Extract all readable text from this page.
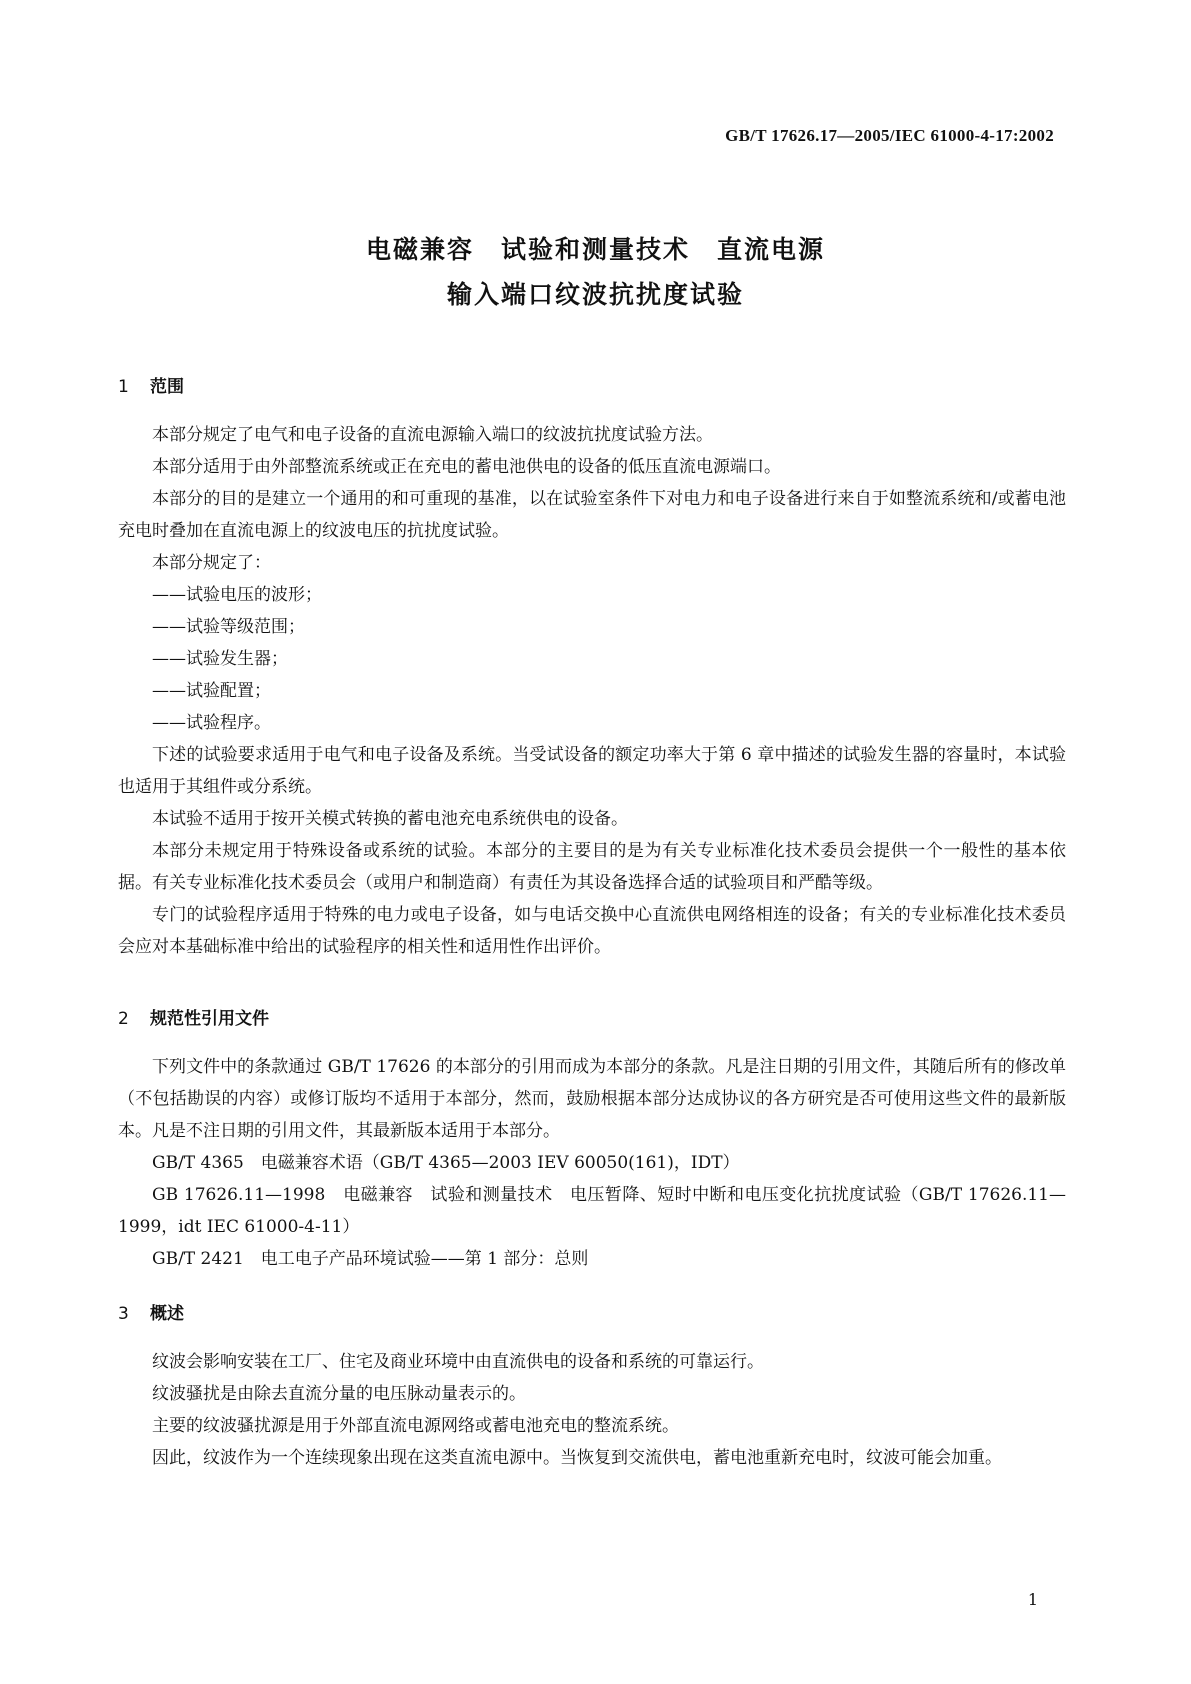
GB/T 17626.17—2005/IEC 61000-4-17:2002
电磁兼容　试验和测量技术　直流电源
输入端口纹波抗扰度试验
1 范围

本部分规定了电气和电子设备的直流电源输入端口的纹波抗扰度试验方法。

本部分适用于由外部整流系统或正在充电的蓄电池供电的设备的低压直流电源端口。

本部分的目的是建立一个通用的和可重现的基准，以在试验室条件下对电力和电子设备进行来自于如整流系统和/或蓄电池充电时叠加在直流电源上的纹波电压的抗扰度试验。

本部分规定了：

——试验电压的波形；

——试验等级范围；

——试验发生器；

——试验配置；

——试验程序。

下述的试验要求适用于电气和电子设备及系统。当受试设备的额定功率大于第 6 章中描述的试验发生器的容量时，本试验也适用于其组件或分系统。

本试验不适用于按开关模式转换的蓄电池充电系统供电的设备。

本部分未规定用于特殊设备或系统的试验。本部分的主要目的是为有关专业标准化技术委员会提供一个一般性的基本依据。有关专业标准化技术委员会（或用户和制造商）有责任为其设备选择合适的试验项目和严酷等级。

专门的试验程序适用于特殊的电力或电子设备，如与电话交换中心直流供电网络相连的设备；有关的专业标准化技术委员会应对本基础标准中给出的试验程序的相关性和适用性作出评价。

2 规范性引用文件

下列文件中的条款通过 GB/T 17626 的本部分的引用而成为本部分的条款。凡是注日期的引用文件，其随后所有的修改单（不包括勘误的内容）或修订版均不适用于本部分，然而，鼓励根据本部分达成协议的各方研究是否可使用这些文件的最新版本。凡是不注日期的引用文件，其最新版本适用于本部分。

GB/T 4365　电磁兼容术语（GB/T 4365—2003 IEV 60050(161)，IDT）

GB 17626.11—1998　电磁兼容　试验和测量技术　电压暂降、短时中断和电压变化抗扰度试验（GB/T 17626.11—1999，idt IEC 61000-4-11）

GB/T 2421　电工电子产品环境试验——第 1 部分：总则

3 概述

纹波会影响安装在工厂、住宅及商业环境中由直流供电的设备和系统的可靠运行。

纹波骚扰是由除去直流分量的电压脉动量表示的。

主要的纹波骚扰源是用于外部直流电源网络或蓄电池充电的整流系统。

因此，纹波作为一个连续现象出现在这类直流电源中。当恢复到交流供电，蓄电池重新充电时，纹波可能会加重。

1
